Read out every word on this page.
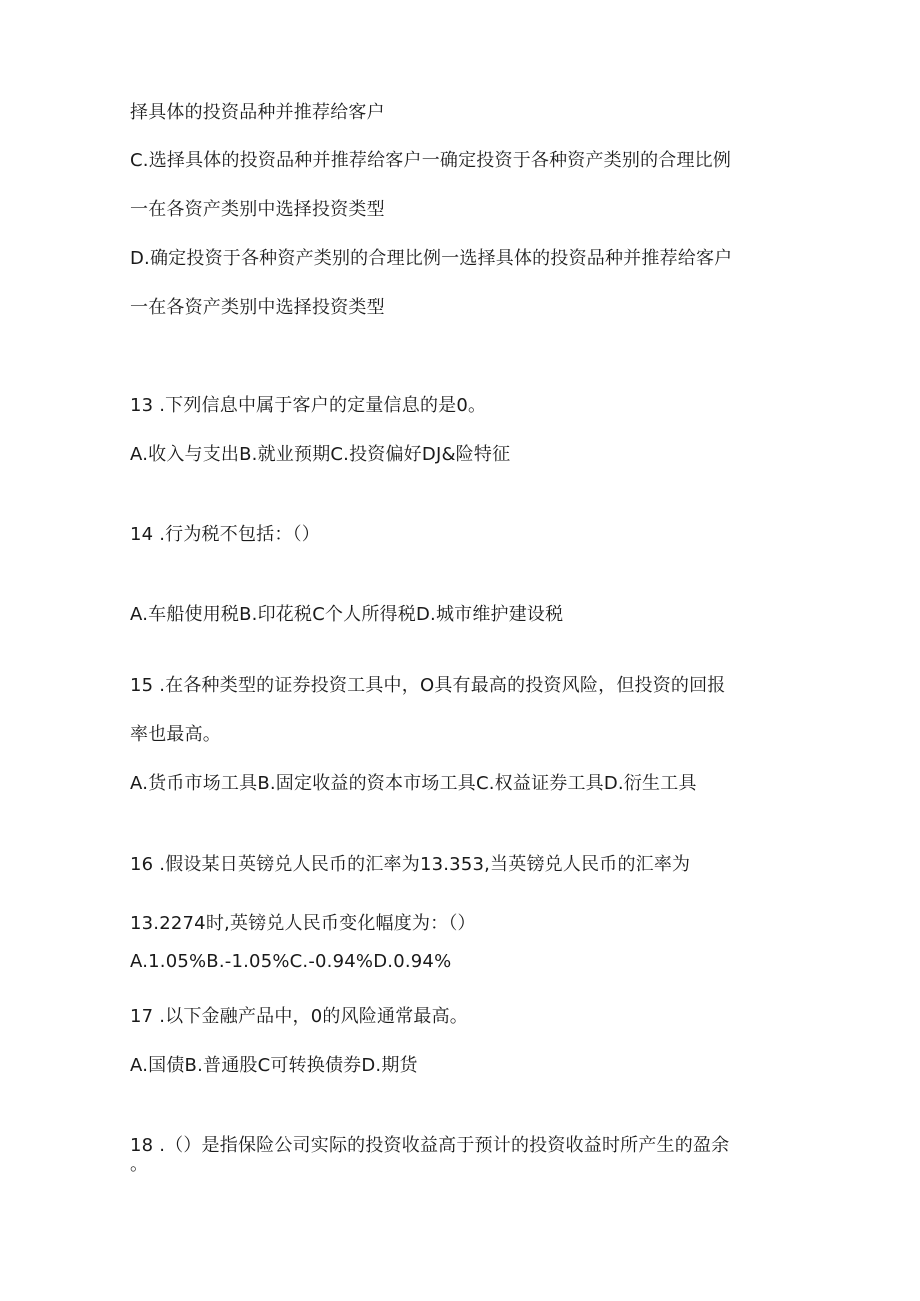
择具体的投资品种并推荐给客户
C.选择具体的投资品种并推荐给客户一确定投资于各种资产类别的合理比例
一在各资产类别中选择投资类型
D.确定投资于各种资产类别的合理比例一选择具体的投资品种并推荐给客户
一在各资产类别中选择投资类型
13 .下列信息中属于客户的定量信息的是0。
A.收入与支出B.就业预期C.投资偏好DJ&险特征
14 .行为税不包括：（）
A.车船使用税B.印花税C个人所得税D.城市维护建设税
15 .在各种类型的证券投资工具中，O具有最高的投资风险，但投资的回报
率也最高。
A.货币市场工具B.固定收益的资本市场工具C.权益证券工具D.衍生工具
16 .假设某日英镑兑人民币的汇率为13.353,当英镑兑人民币的汇率为
13.2274时,英镑兑人民币变化幅度为：（）
A.1.05%B.-1.05%C.-0.94%D.0.94%
17 .以下金融产品中，0的风险通常最高。
A.国债B.普通股C可转换债券D.期货
18 .（）是指保险公司实际的投资收益高于预计的投资收益时所产生的盈余
。
